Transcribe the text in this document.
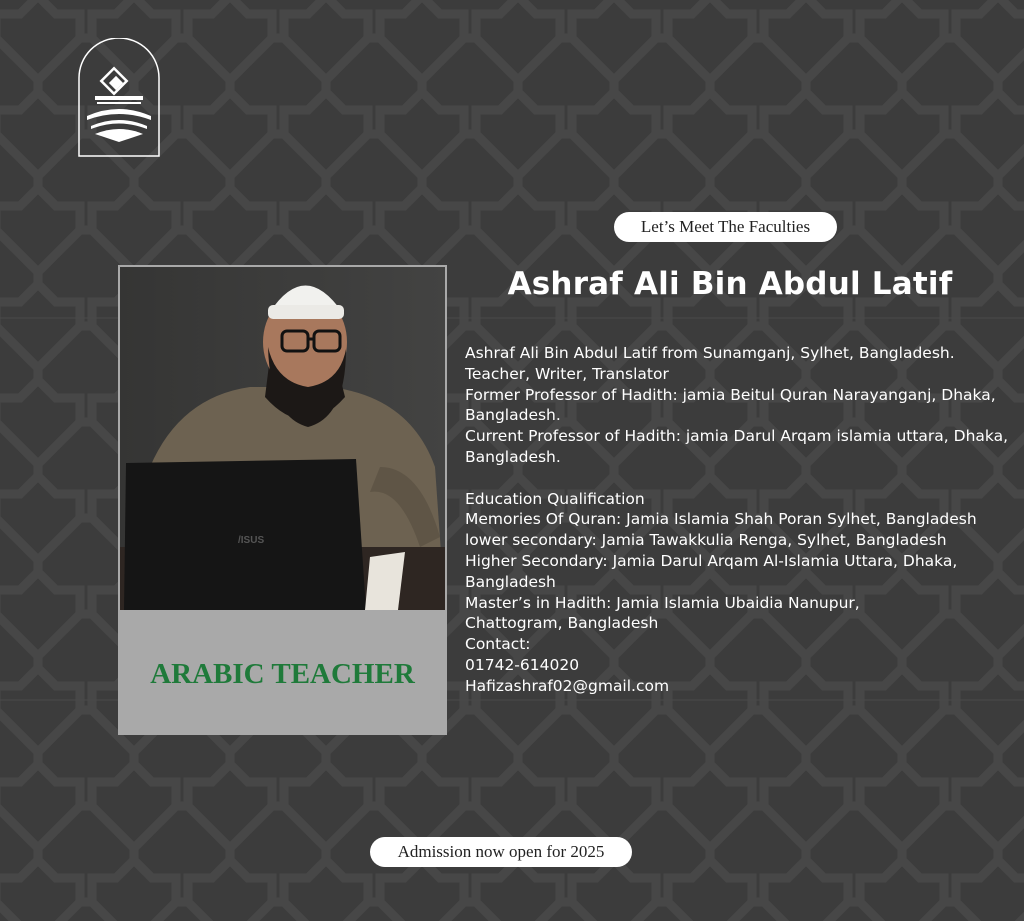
Let’s Meet The Faculties
Ashraf Ali Bin Abdul Latif
/ISUS
ARABIC TEACHER
Ashraf Ali Bin Abdul Latif from Sunamganj, Sylhet, Bangladesh.
Teacher, Writer, Translator
Former Professor of Hadith: jamia Beitul Quran Narayanganj, Dhaka,
Bangladesh.
Current Professor of Hadith: jamia Darul Arqam islamia uttara, Dhaka,
Bangladesh.
Education Qualification
Memories Of Quran: Jamia Islamia Shah Poran Sylhet, Bangladesh
lower secondary: Jamia Tawakkulia Renga, Sylhet, Bangladesh
Higher Secondary: Jamia Darul Arqam Al-Islamia Uttara, Dhaka,
Bangladesh
Master’s in Hadith: Jamia Islamia Ubaidia Nanupur,
Chattogram, Bangladesh
Contact:
01742-614020
Hafizashraf02@gmail.com
Admission now open for 2025
